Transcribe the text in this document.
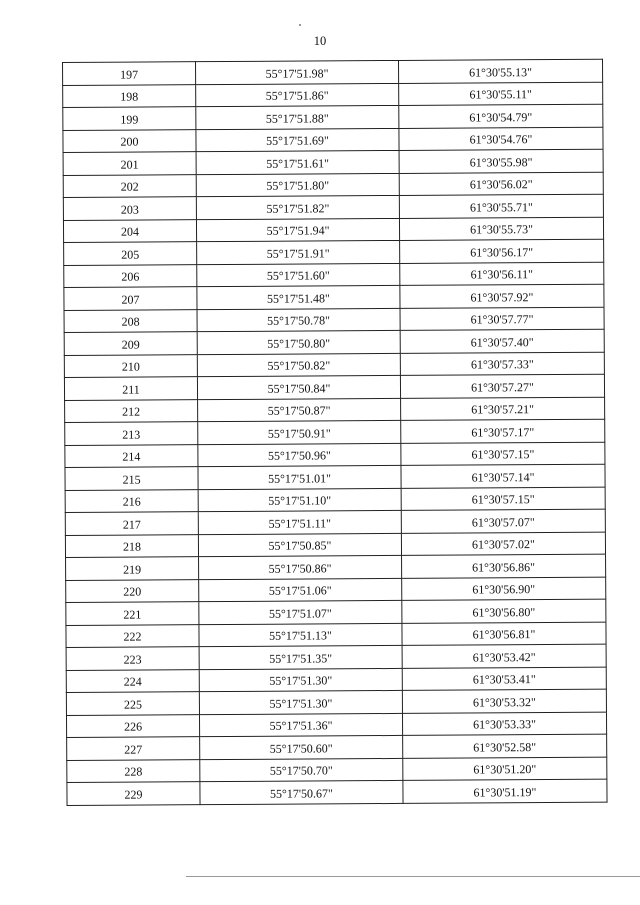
10
197	55°17'51.98"	61°30'55.13"
198	55°17'51.86"	61°30'55.11"
199	55°17'51.88"	61°30'54.79"
200	55°17'51.69"	61°30'54.76"
201	55°17'51.61"	61°30'55.98"
202	55°17'51.80"	61°30'56.02"
203	55°17'51.82"	61°30'55.71"
204	55°17'51.94"	61°30'55.73"
205	55°17'51.91"	61°30'56.17"
206	55°17'51.60"	61°30'56.11"
207	55°17'51.48"	61°30'57.92"
208	55°17'50.78"	61°30'57.77"
209	55°17'50.80"	61°30'57.40"
210	55°17'50.82"	61°30'57.33"
211	55°17'50.84"	61°30'57.27"
212	55°17'50.87"	61°30'57.21"
213	55°17'50.91"	61°30'57.17"
214	55°17'50.96"	61°30'57.15"
215	55°17'51.01"	61°30'57.14"
216	55°17'51.10"	61°30'57.15"
217	55°17'51.11"	61°30'57.07"
218	55°17'50.85"	61°30'57.02"
219	55°17'50.86"	61°30'56.86"
220	55°17'51.06"	61°30'56.90"
221	55°17'51.07"	61°30'56.80"
222	55°17'51.13"	61°30'56.81"
223	55°17'51.35"	61°30'53.42"
224	55°17'51.30"	61°30'53.41"
225	55°17'51.30"	61°30'53.32"
226	55°17'51.36"	61°30'53.33"
227	55°17'50.60"	61°30'52.58"
228	55°17'50.70"	61°30'51.20"
229	55°17'50.67"	61°30'51.19"
